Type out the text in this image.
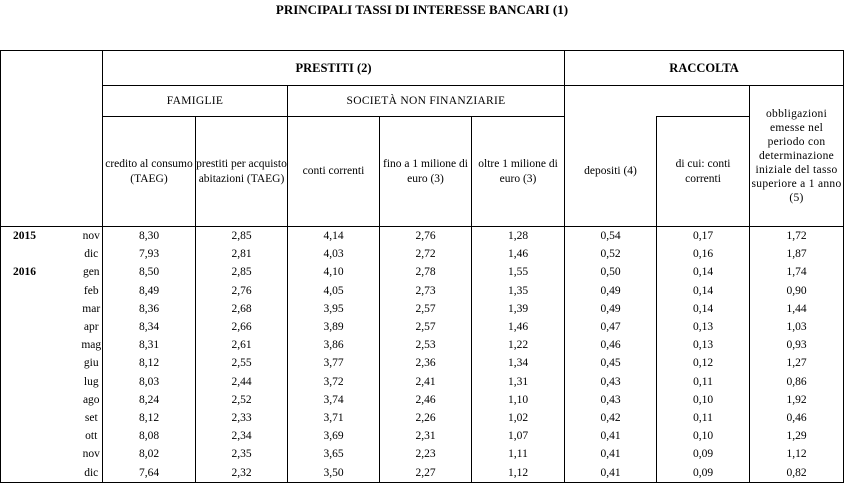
PRINCIPALI TASSI DI INTERESSE BANCARI (1)
		PRESTITI (2)					RACCOLTA		
		FAMIGLIE		SOCIETÀ NON FINANZIARIE					obbligazioni emesse nel periodo con determinazione iniziale del tasso superiore a 1 anno (5)
		credito al consumo (TAEG)	prestiti per acquisto abitazioni (TAEG)	conti correnti	fino a 1 milione di euro (3)	oltre 1 milione di euro (3)	depositi (4)	di cui: conti correnti	
2015	nov	8,30	2,85	4,14	2,76	1,28	0,54	0,17	1,72
	dic	7,93	2,81	4,03	2,72	1,46	0,52	0,16	1,87
2016	gen	8,50	2,85	4,10	2,78	1,55	0,50	0,14	1,74
	feb	8,49	2,76	4,05	2,73	1,35	0,49	0,14	0,90
	mar	8,36	2,68	3,95	2,57	1,39	0,49	0,14	1,44
	apr	8,34	2,66	3,89	2,57	1,46	0,47	0,13	1,03
	mag	8,31	2,61	3,86	2,53	1,22	0,46	0,13	0,93
	giu	8,12	2,55	3,77	2,36	1,34	0,45	0,12	1,27
	lug	8,03	2,44	3,72	2,41	1,31	0,43	0,11	0,86
	ago	8,24	2,52	3,74	2,46	1,10	0,43	0,10	1,92
	set	8,12	2,33	3,71	2,26	1,02	0,42	0,11	0,46
	ott	8,08	2,34	3,69	2,31	1,07	0,41	0,10	1,29
	nov	8,02	2,35	3,65	2,23	1,11	0,41	0,09	1,12
	dic	7,64	2,32	3,50	2,27	1,12	0,41	0,09	0,82
